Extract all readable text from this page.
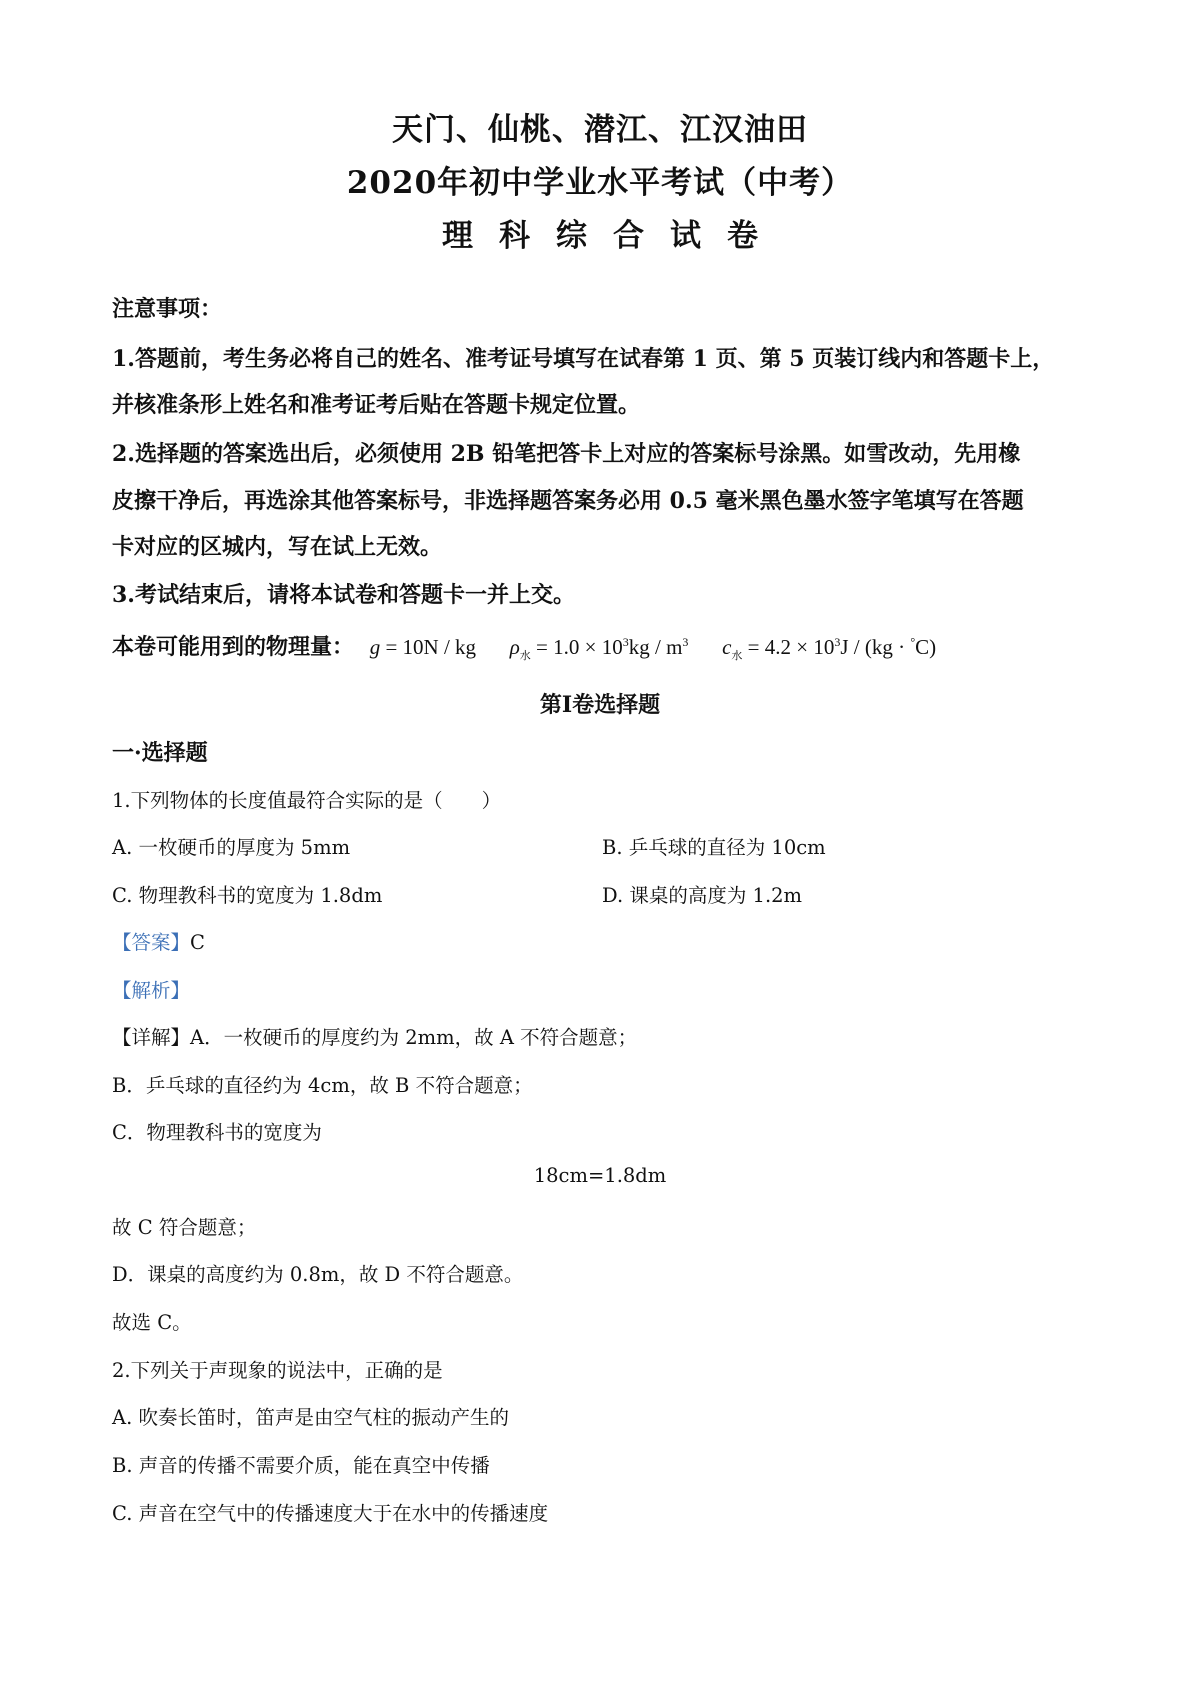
天门、仙桃、潜江、江汉油田
2020年初中学业水平考试（中考）
理 科 综 合 试 卷
注意事项：
1.答题前，考生务必将自己的姓名、准考证号填写在试春第 1 页、第 5 页装订线内和答题卡上，
并核准条形上姓名和准考证考后贴在答题卡规定位置。
2.选择题的答案选出后，必须使用 2B 铅笔把答卡上对应的答案标号涂黑。如雪改动，先用橡
皮擦干净后，再选涂其他答案标号，非选择题答案务必用 0.5 毫米黑色墨水签字笔填写在答题
卡对应的区城内，写在试上无效。
3.考试结束后，请将本试卷和答题卡一并上交。
本卷可能用到的物理量： g = 10N / kg $\rho_水 = 1.0 \times 10^3kg / m^3$ $c_水 = 4.2 \times 10^3J / (kg \cdot ^\circ C)$
第Ⅰ卷选择题
一·选择题
1.下列物体的长度值最符合实际的是（　　）
A. 一枚硬币的厚度为 5mm	B. 乒乓球的直径为 10cm
C. 物理教科书的宽度为 1.8dm	D. 课桌的高度为 1.2m
【答案】C
【解析】
【详解】A．一枚硬币的厚度约为 2mm，故 A 不符合题意；
B．乒乓球的直径约为 4cm，故 B 不符合题意；
C．物理教科书的宽度为
18cm=1.8dm
故 C 符合题意；
D．课桌的高度约为 0.8m，故 D 不符合题意。
故选 C。
2.下列关于声现象的说法中，正确的是
A. 吹奏长笛时，笛声是由空气柱的振动产生的
B. 声音的传播不需要介质，能在真空中传播
C. 声音在空气中的传播速度大于在水中的传播速度
